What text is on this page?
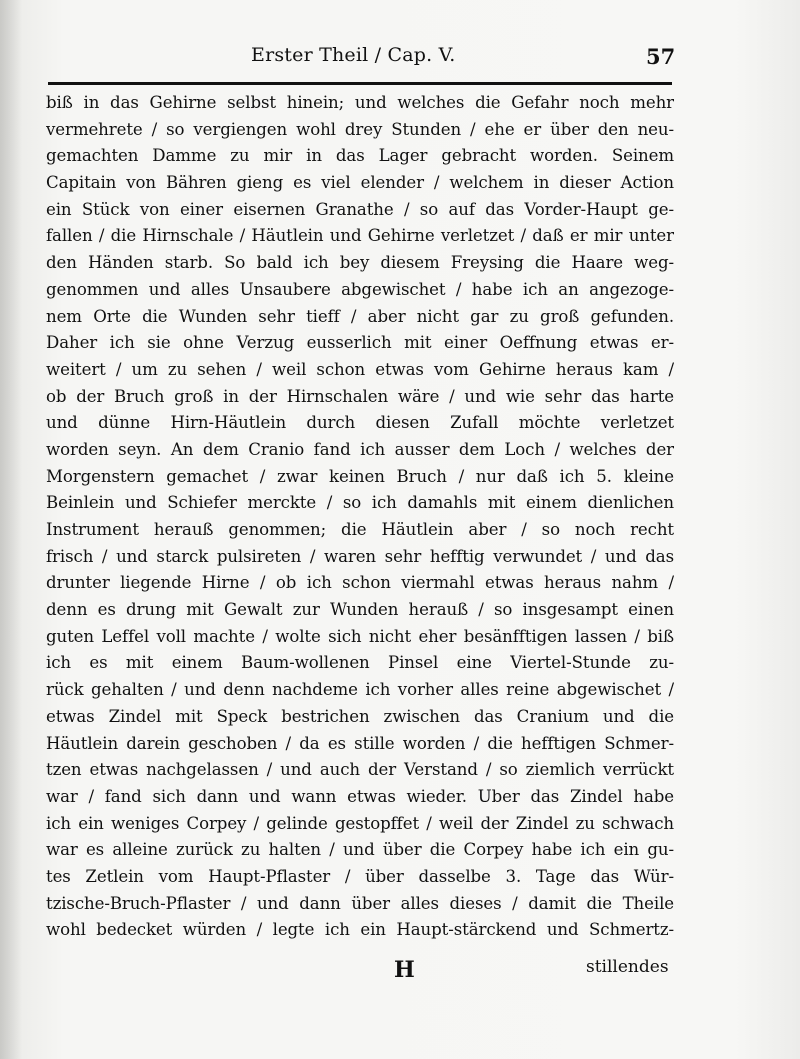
Erster Theil / Cap. V.	57
biß in das Gehirne selbst hinein; und welches die Gefahr noch mehr
vermehrete / so vergiengen wohl drey Stunden / ehe er über den neu-
gemachten Damme zu mir in das Lager gebracht worden. Seinem
Capitain von Bähren gieng es viel elender / welchem in dieser Action
ein Stück von einer eisernen Granathe / so auf das Vorder-Haupt ge-
fallen / die Hirnschale / Häutlein und Gehirne verletzet / daß er mir unter
den Händen starb. So bald ich bey diesem Freysing die Haare weg-
genommen und alles Unsaubere abgewischet / habe ich an angezoge-
nem Orte die Wunden sehr tieff / aber nicht gar zu groß gefunden.
Daher ich sie ohne Verzug eusserlich mit einer Oeffnung etwas er-
weitert / um zu sehen / weil schon etwas vom Gehirne heraus kam /
ob der Bruch groß in der Hirnschalen wäre / und wie sehr das harte
und dünne Hirn-Häutlein durch diesen Zufall möchte verletzet
worden seyn. An dem Cranio fand ich ausser dem Loch / welches der
Morgenstern gemachet / zwar keinen Bruch / nur daß ich 5. kleine
Beinlein und Schiefer merckte / so ich damahls mit einem dienlichen
Instrument herauß genommen; die Häutlein aber / so noch recht
frisch / und starck pulsireten / waren sehr hefftig verwundet / und das
drunter liegende Hirne / ob ich schon viermahl etwas heraus nahm /
denn es drung mit Gewalt zur Wunden herauß / so insgesampt einen
guten Leffel voll machte / wolte sich nicht eher besänfftigen lassen / biß
ich es mit einem Baum-wollenen Pinsel eine Viertel-Stunde zu-
rück gehalten / und denn nachdeme ich vorher alles reine abgewischet /
etwas Zindel mit Speck bestrichen zwischen das Cranium und die
Häutlein darein geschoben / da es stille worden / die hefftigen Schmer-
tzen etwas nachgelassen / und auch der Verstand / so ziemlich verrückt
war / fand sich dann und wann etwas wieder. Uber das Zindel habe
ich ein weniges Corpey / gelinde gestopffet / weil der Zindel zu schwach
war es alleine zurück zu halten / und über die Corpey habe ich ein gu-
tes Zetlein vom Haupt-Pflaster / über dasselbe 3. Tage das Wür-
tzische-Bruch-Pflaster / und dann über alles dieses / damit die Theile
wohl bedecket würden / legte ich ein Haupt-stärckend und Schmertz-
H	stillendes
